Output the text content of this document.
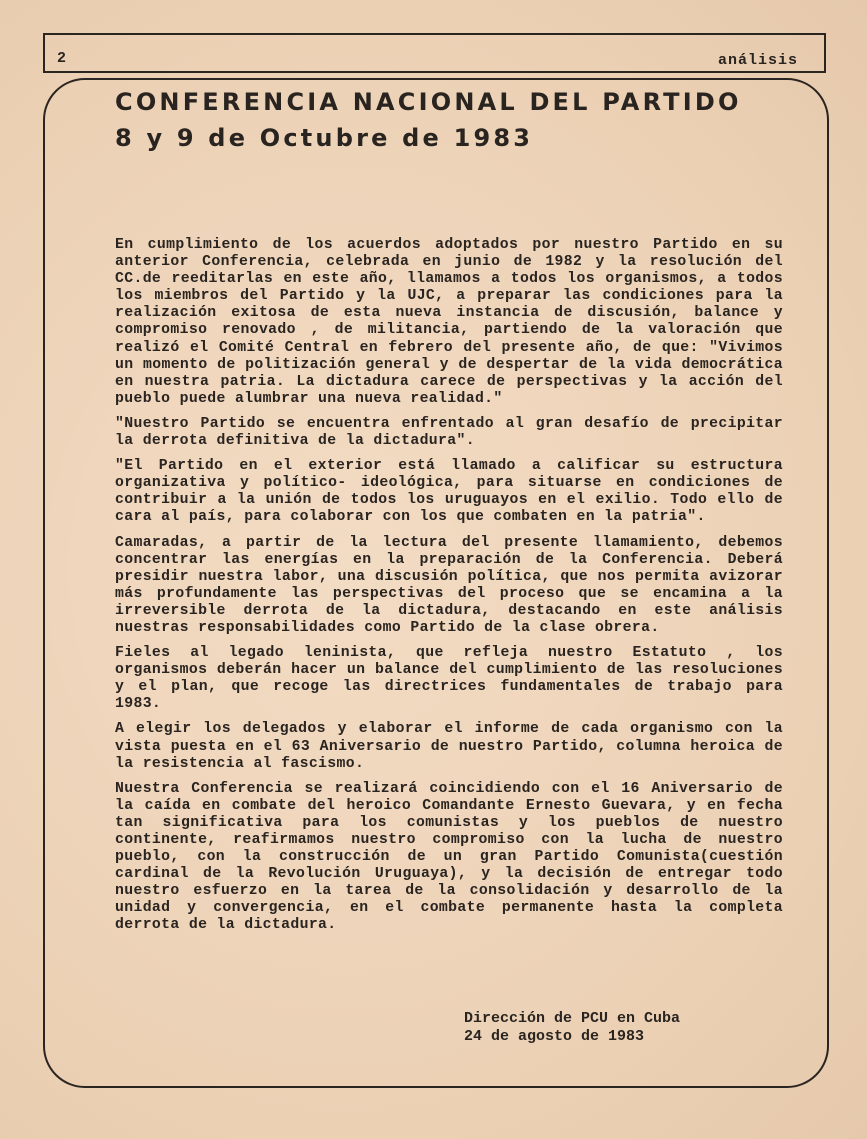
2	análisis
CONFERENCIA NACIONAL DEL PARTIDO
8 y 9 de Octubre de 1983

En cumplimiento de los acuerdos adoptados por nuestro Partido en su anterior Conferencia, celebrada en junio de 1982 y la resolución del CC.de reeditarlas en este año, llamamos a todos los organismos, a todos los miembros del Partido y la UJC, a preparar las condiciones para la realización exitosa de esta nueva instancia de discusión, balance y compromiso renovado , de militancia, partiendo de la valoración que realizó el Comité Central en febrero del presente año, de que: "Vivimos un momento de politización general y de despertar de la vida democrática en nuestra patria. La dictadura carece de perspectivas y la acción del pueblo puede alumbrar una nueva realidad."

"Nuestro Partido se encuentra enfrentado al gran desafío de precipitar la derrota definitiva de la dictadura".

"El Partido en el exterior está llamado a calificar su estructura organizativa y político- ideológica, para situarse en condiciones de contribuir a la unión de todos los uruguayos en el exilio. Todo ello de cara al país, para colaborar con los que combaten en la patria".

Camaradas, a partir de la lectura del presente llamamiento, debemos concentrar las energías en la preparación de la Conferencia. Deberá presidir nuestra labor, una discusión política, que nos permita avizorar más profundamente las perspectivas del proceso que se encamina a la irreversible derrota de la dictadura, destacando en este análisis nuestras responsabilidades como Partido de la clase obrera.

Fieles al legado leninista, que refleja nuestro Estatuto , los organismos deberán hacer un balance del cumplimiento de las resoluciones y el plan, que recoge las directrices fundamentales de trabajo para 1983.

A elegir los delegados y elaborar el informe de cada organismo con la vista puesta en el 63 Aniversario de nuestro Partido, columna heroica de la resistencia al fascismo.

Nuestra Conferencia se realizará coincidiendo con el 16 Aniversario de la caída en combate del heroico Comandante Ernesto Guevara, y en fecha tan significativa para los comunistas y los pueblos de nuestro continente, reafirmamos nuestro compromiso con la lucha de nuestro pueblo, con la construcción de un gran Partido Comunista(cuestión cardinal de la Revolución Uruguaya), y la decisión de entregar todo nuestro esfuerzo en la tarea de la consolidación y desarrollo de la unidad y convergencia, en el combate permanente hasta la completa derrota de la dictadura.

Dirección de PCU en Cuba
24 de agosto de 1983
